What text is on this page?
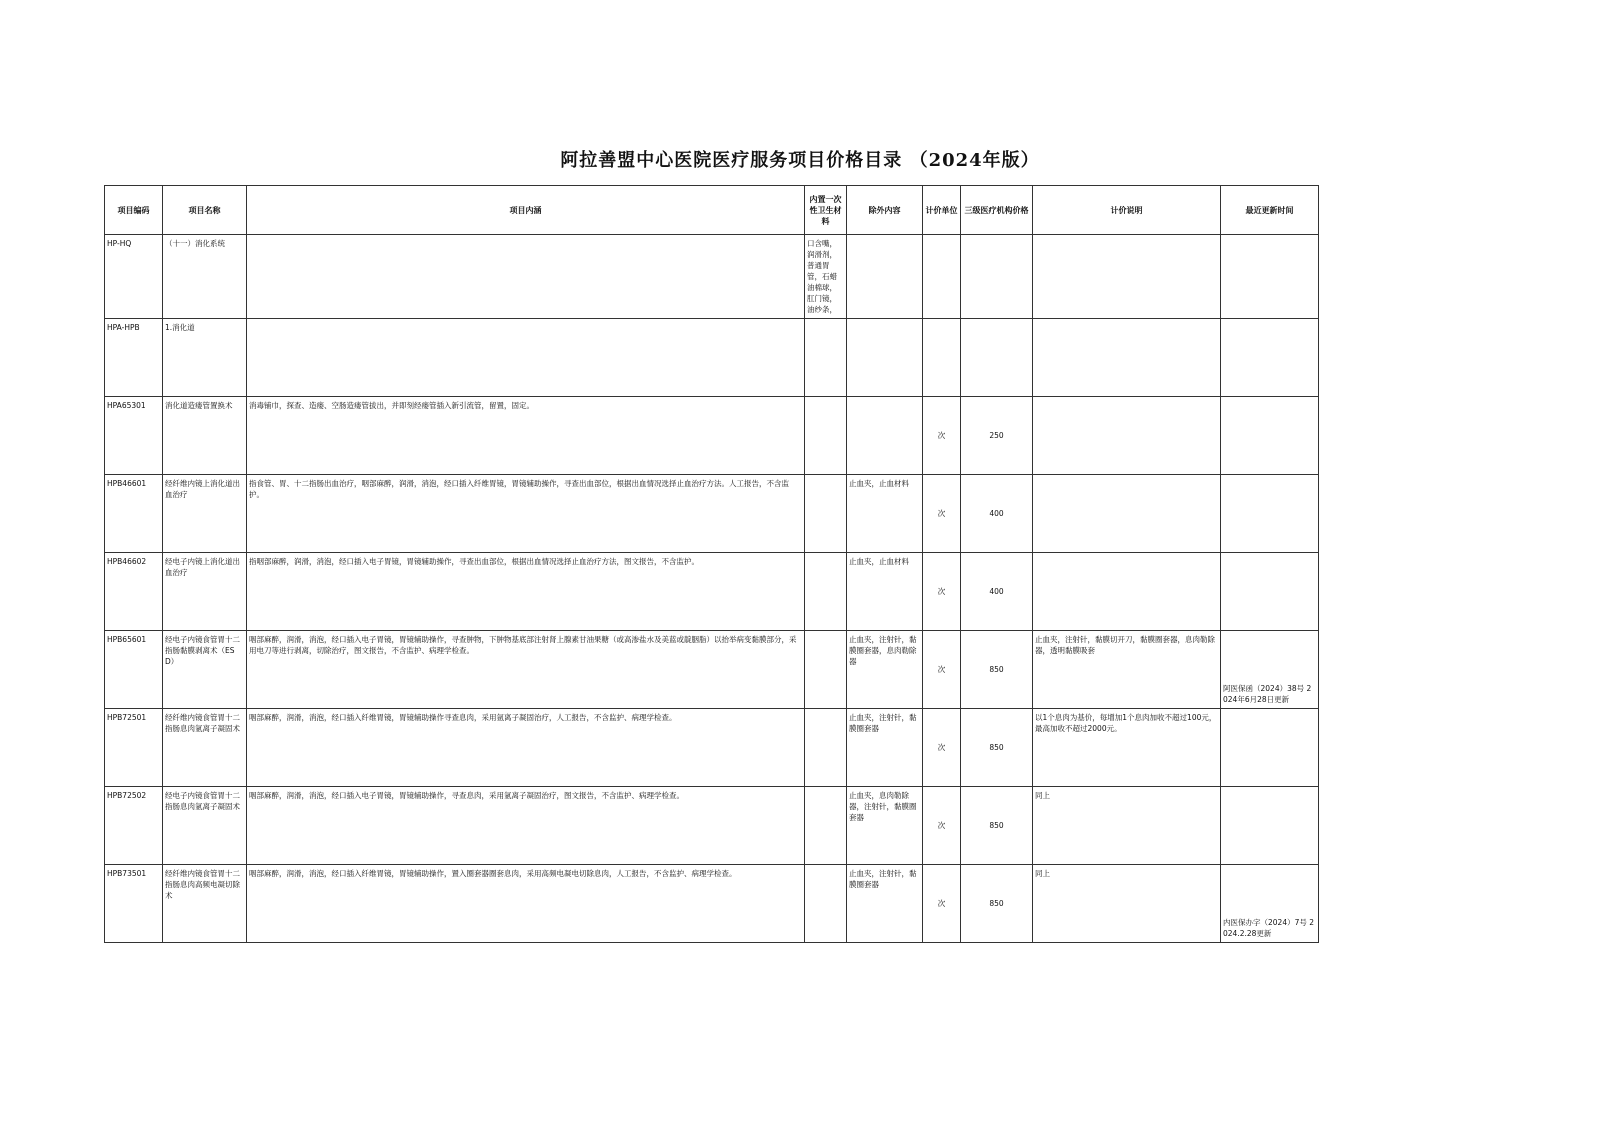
阿拉善盟中心医院医疗服务项目价格目录 （2024年版）
项目编码	项目名称	项目内涵	内置一次性卫生材料	除外内容	计价单位	三级医疗机构价格	计价说明	最近更新时间
HP-HQ	（十一）消化系统		口含嘴，润滑剂，普通胃管，石蜡油棉球，肛门镜，油纱条，					
HPA-HPB	1.消化道							
HPA65301	消化道造瘘管置换术	消毒铺巾，探查、造瘘、空肠造瘘管拔出，并即刻经瘘管插入新引流管，留置，固定。			次	250		
HPB46601	经纤维内镜上消化道出血治疗	指食管、胃、十二指肠出血治疗，咽部麻醉，润滑，消泡，经口插入纤维胃镜，胃镜辅助操作，寻查出血部位，根据出血情况选择止血治疗方法。人工报告，不含监护。		止血夹，止血材料	次	400		
HPB46602	经电子内镜上消化道出血治疗	指咽部麻醉，润滑，消泡，经口插入电子胃镜，胃镜辅助操作，寻查出血部位，根据出血情况选择止血治疗方法，图文报告，不含监护。		止血夹，止血材料	次	400		
HPB65601	经电子内镜食管胃十二指肠黏膜剥离术（ESD）	咽部麻醉，润滑，消泡，经口插入电子胃镜，胃镜辅助操作，寻查肿物，下肿物基底部注射肾上腺素甘油果糖（或高渗盐水及美蓝或靛胭脂）以抬举病变黏膜部分，采用电刀等进行剥离，切除治疗，图文报告，不含监护、病理学检查。		止血夹，注射针，黏膜圈套器，息肉勒除器	次	850	止血夹，注射针，黏膜切开刀，黏膜圈套器，息肉勒除器，透明黏膜吸套	阿医保函（2024）38号 2024年6月28日更新
HPB72501	经纤维内镜食管胃十二指肠息肉氩离子凝固术	咽部麻醉，润滑，消泡，经口插入纤维胃镜，胃镜辅助操作寻查息肉，采用氩离子凝固治疗，人工报告，不含监护、病理学检查。		止血夹，注射针，黏膜圈套器	次	850	以1个息肉为基价，每增加1个息肉加收不超过100元，最高加收不超过2000元。	
HPB72502	经电子内镜食管胃十二指肠息肉氩离子凝固术	咽部麻醉，润滑，消泡，经口插入电子胃镜，胃镜辅助操作，寻查息肉，采用氩离子凝固治疗，图文报告，不含监护、病理学检查。		止血夹，息肉勒除器，注射针，黏膜圈套器	次	850	同上	
HPB73501	经纤维内镜食管胃十二指肠息肉高频电凝切除术	咽部麻醉，润滑，消泡，经口插入纤维胃镜，胃镜辅助操作，置入圈套器圈套息肉，采用高频电凝电切除息肉，人工报告，不含监护、病理学检查。		止血夹，注射针，黏膜圈套器	次	850	同上	内医保办字（2024）7号 2024.2.28更新
